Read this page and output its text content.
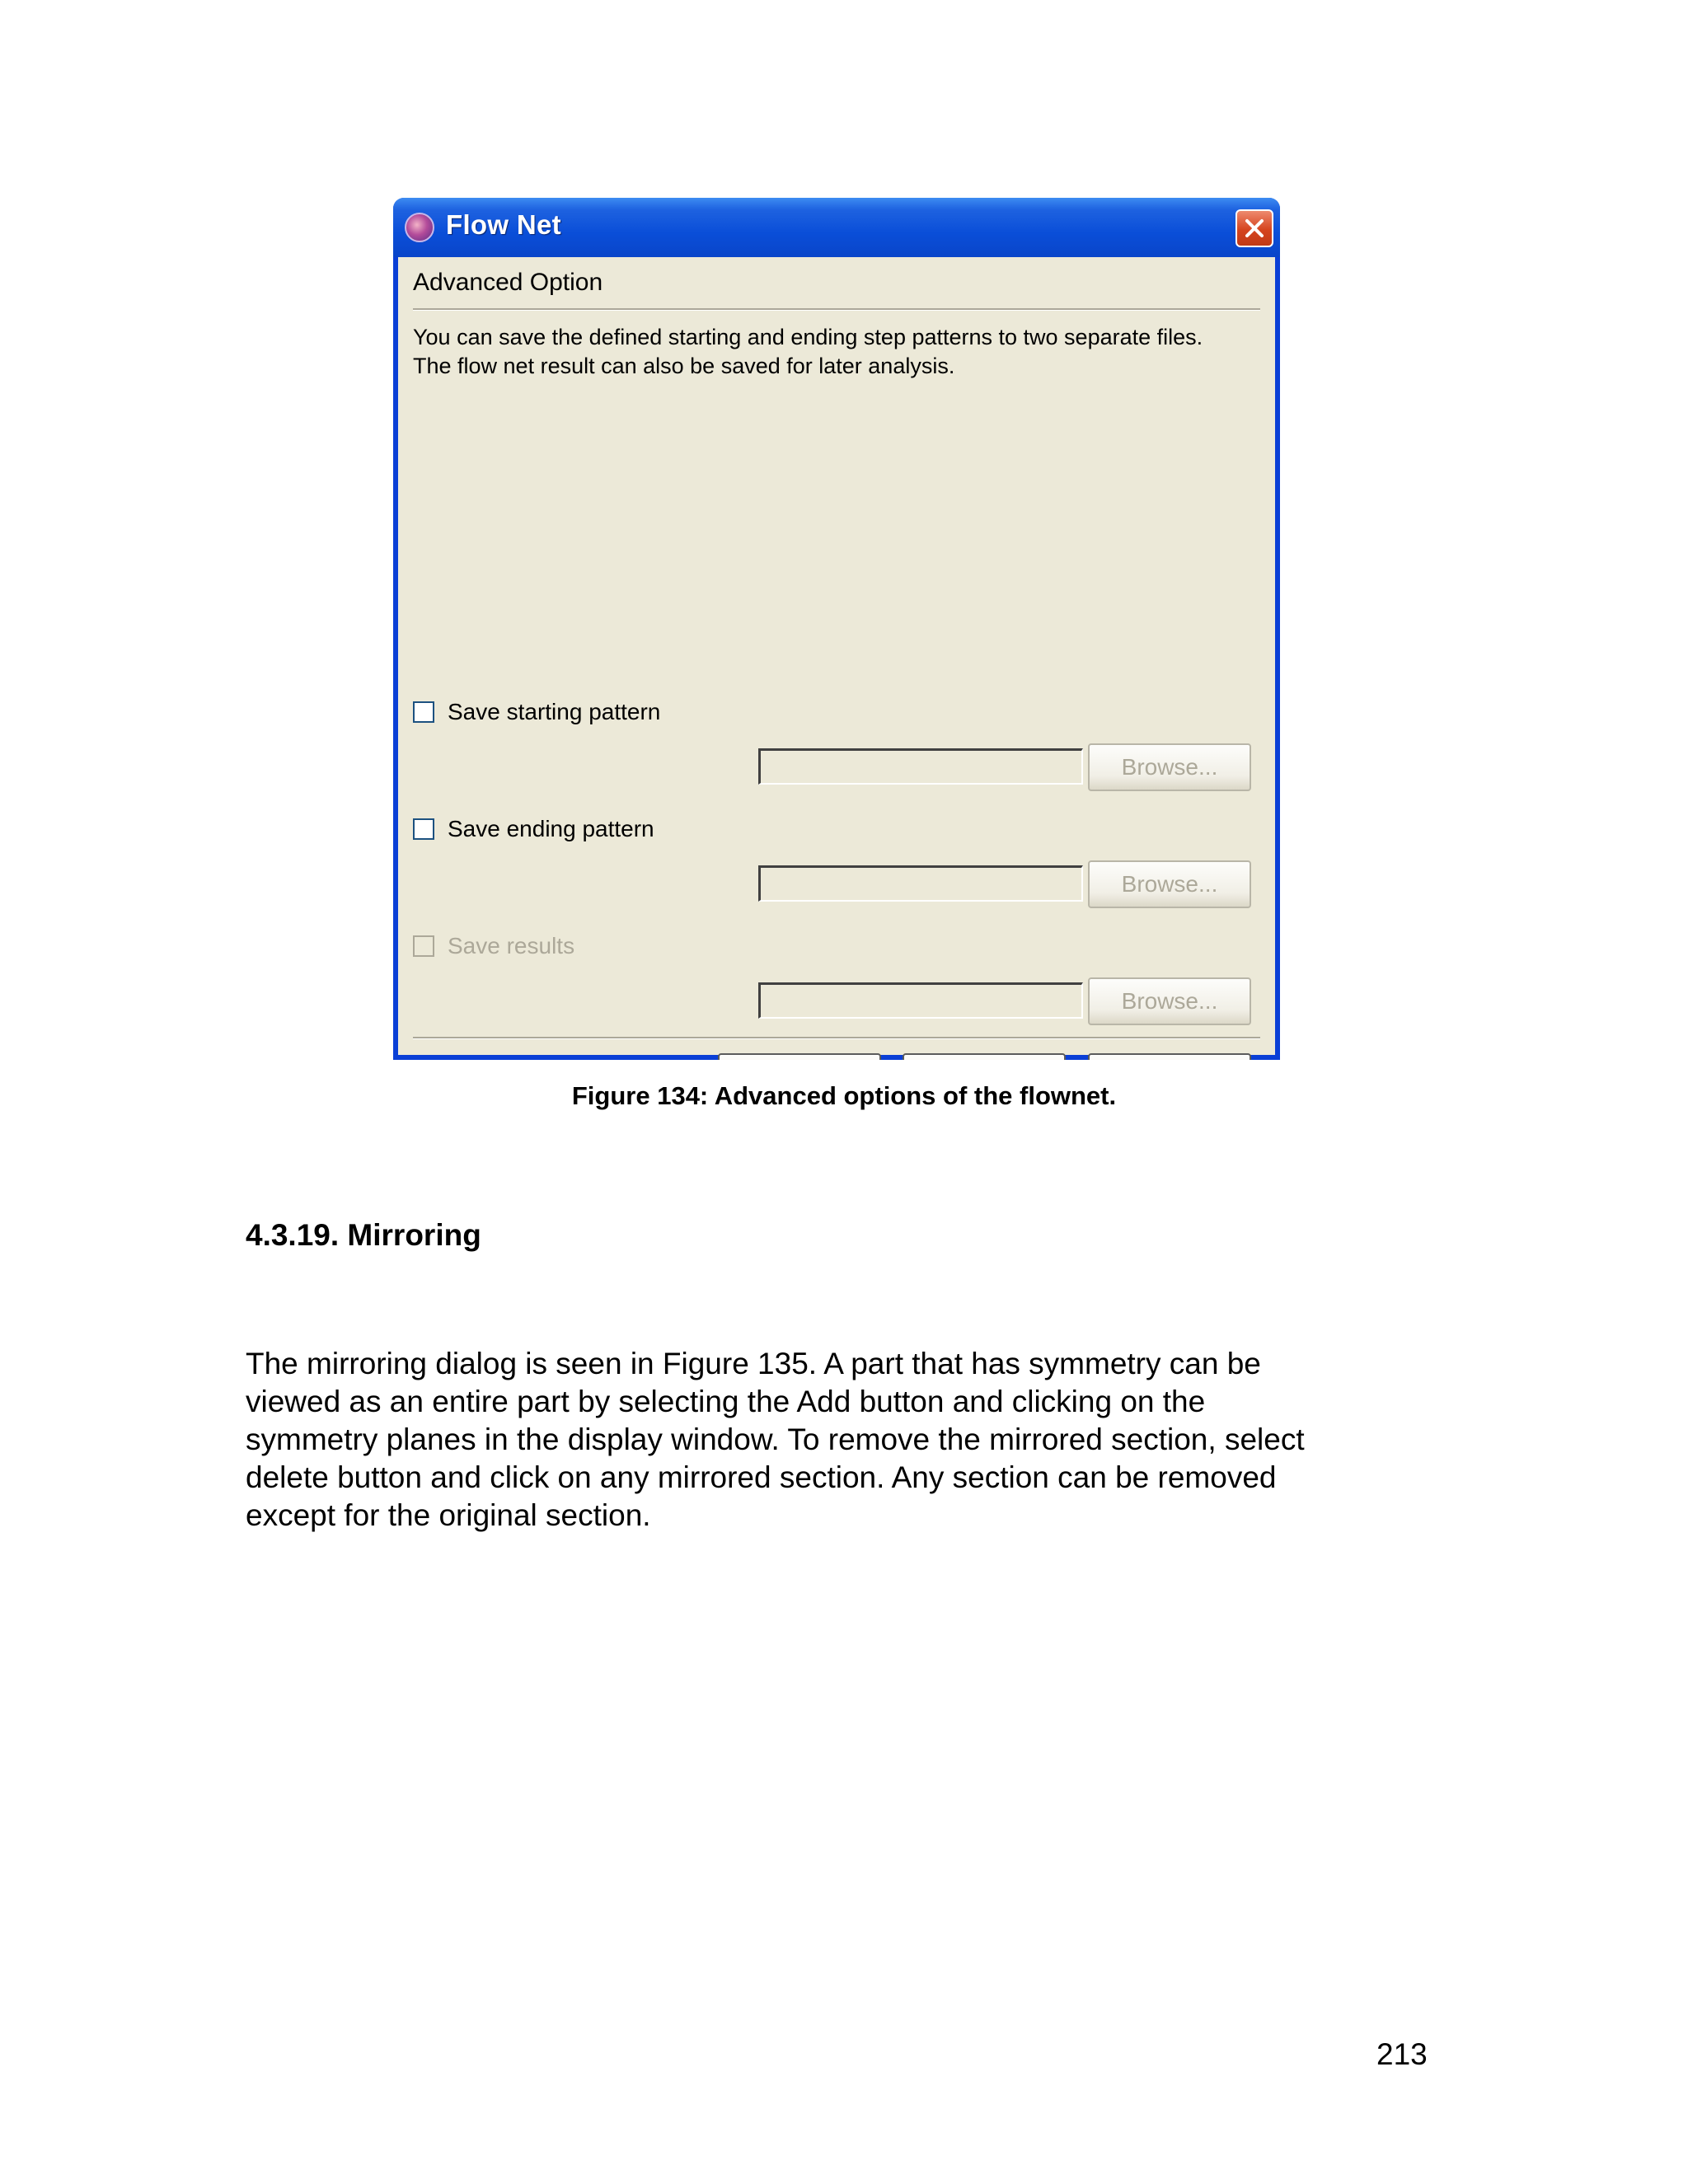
Flow Net
Advanced Option
You can save the defined starting and ending step patterns to two separate files. The flow net result can also be saved for later analysis.
Save starting pattern
Browse...
Save ending pattern
Browse...
Save results
Browse...
Figure 134: Advanced options of the flownet.
4.3.19. Mirroring
The mirroring dialog is seen in Figure 135. A part that has symmetry can be
viewed as an entire part by selecting the Add button and clicking on the
symmetry planes in the display window. To remove the mirrored section, select
delete button and click on any mirrored section. Any section can be removed
except for the original section.
213
